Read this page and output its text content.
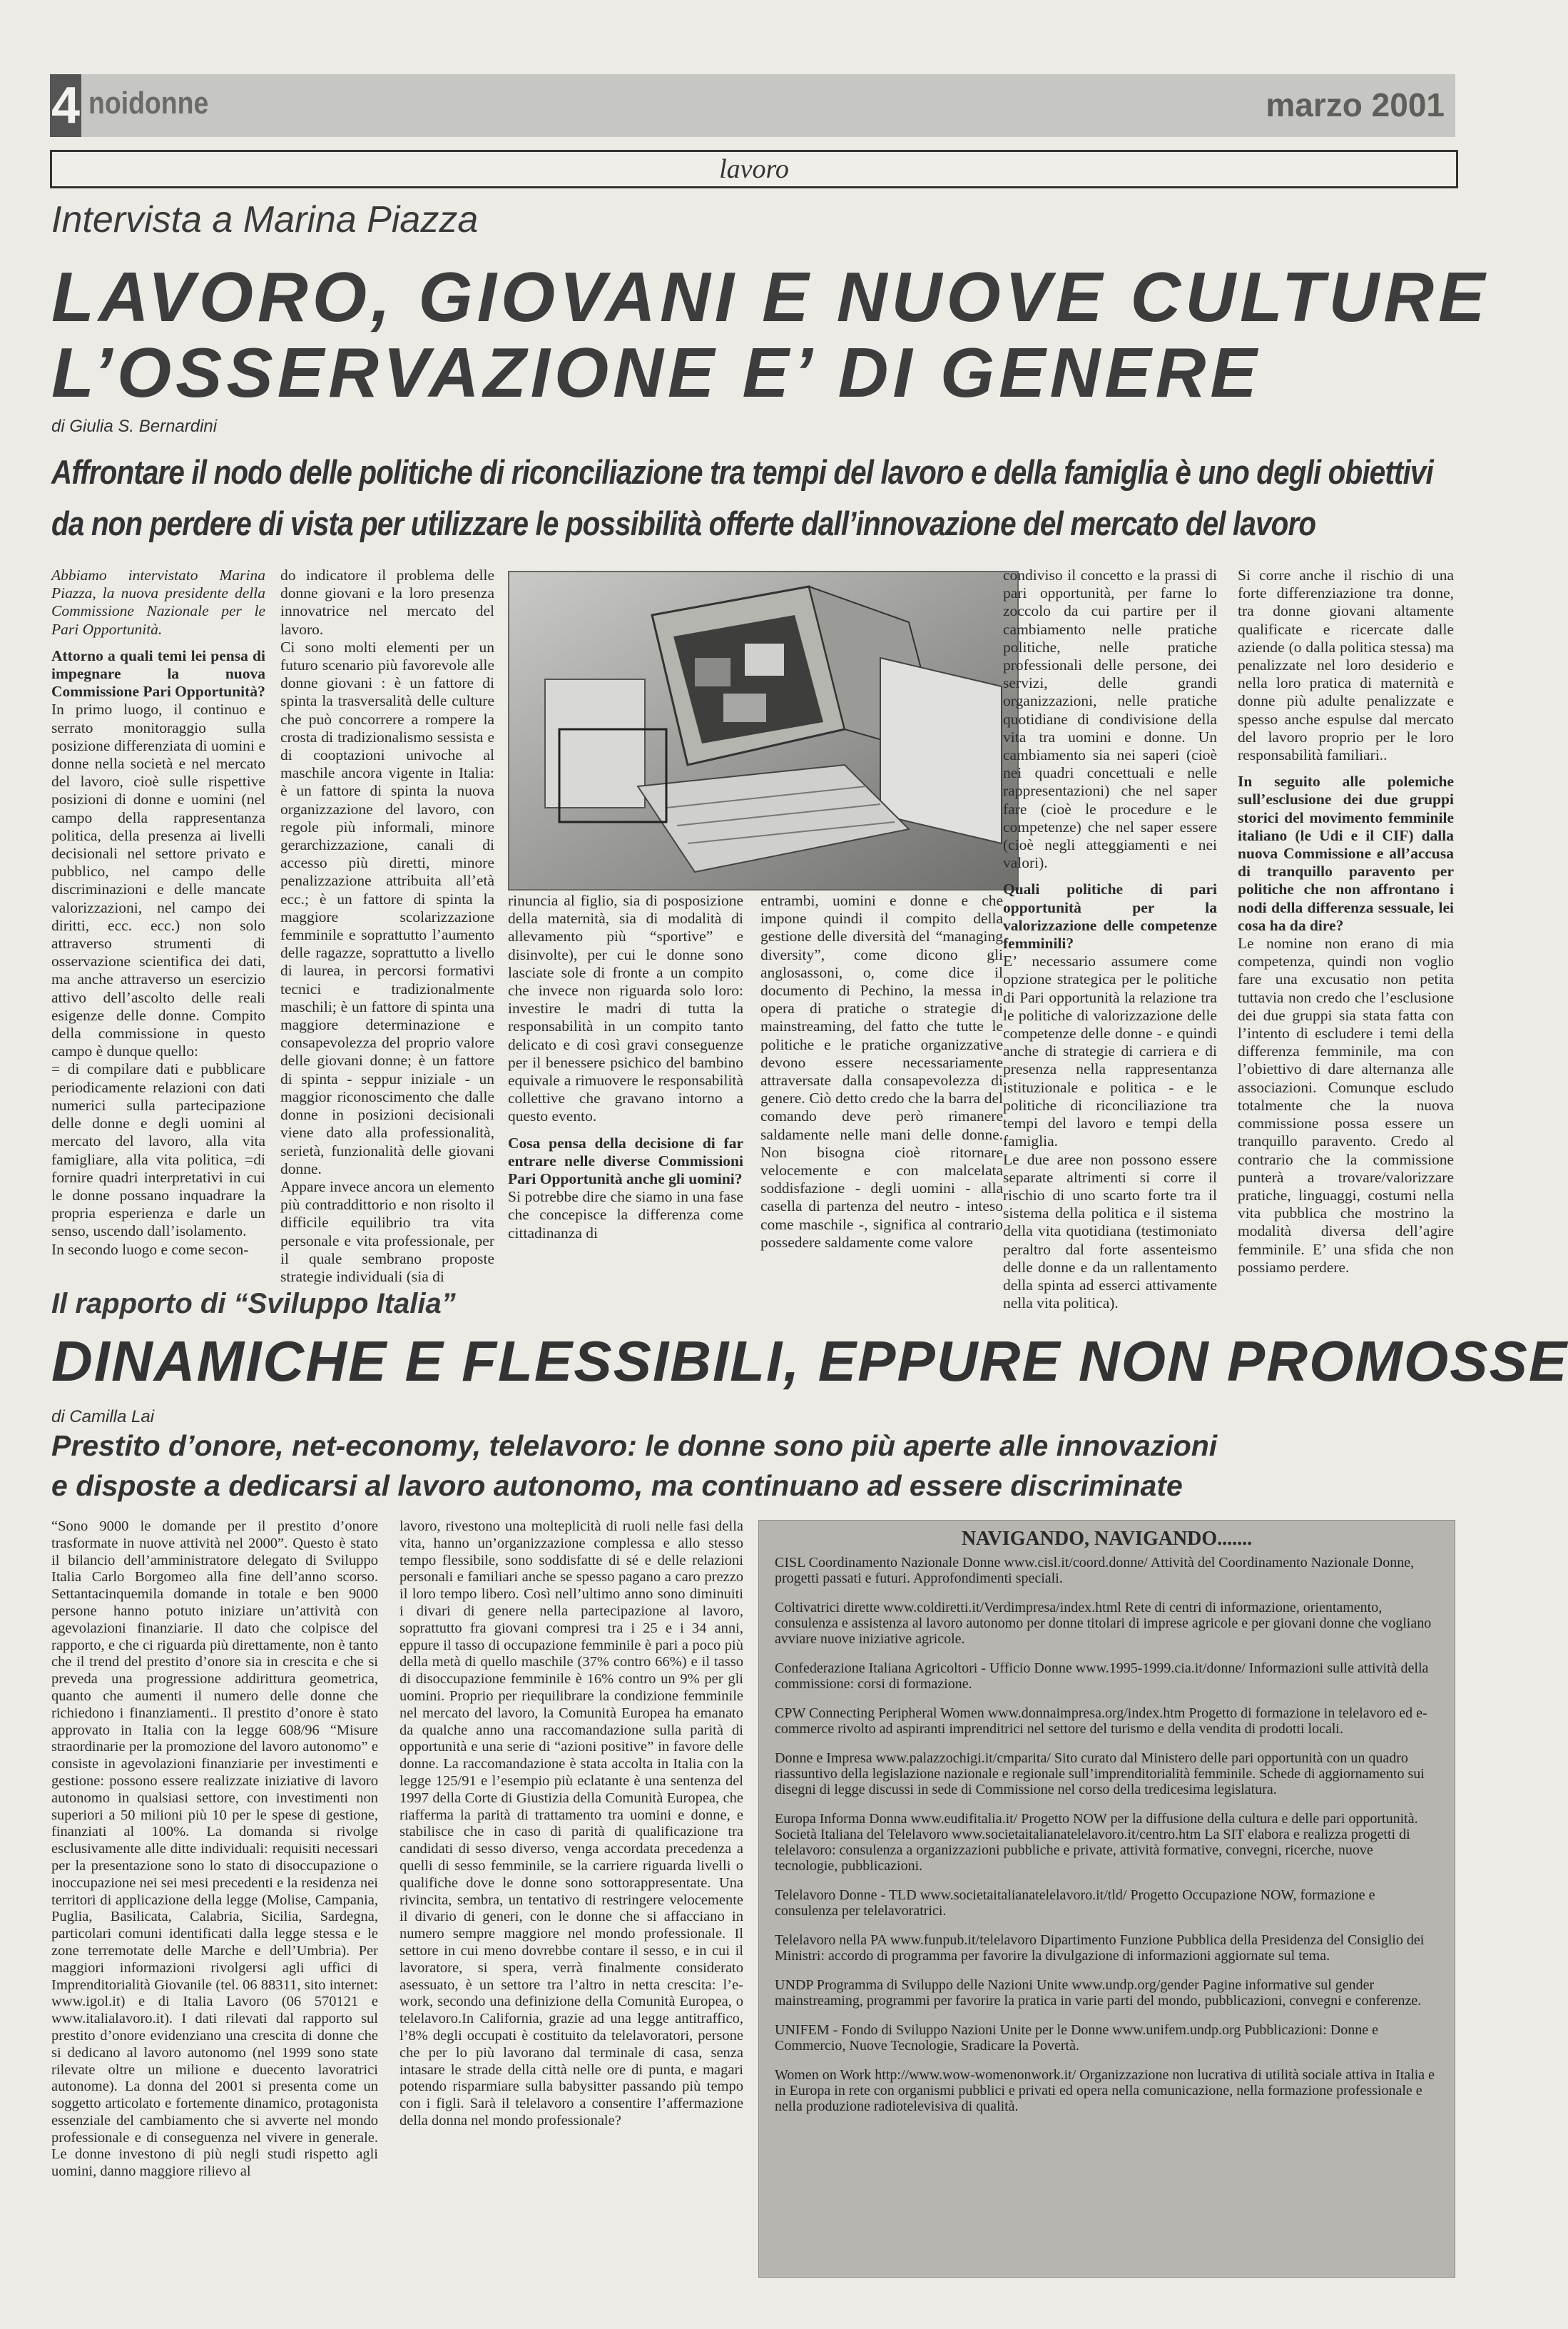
4 noidonne	marzo 2001
lavoro
Intervista a Marina Piazza
LAVORO, GIOVANI E NUOVE CULTURE
L’OSSERVAZIONE E’ DI GENERE
di Giulia S. Bernardini
Affrontare il nodo delle politiche di riconciliazione tra tempi del lavoro e della famiglia è uno degli obiettivi
da non perdere di vista per utilizzare le possibilità offerte dall’innovazione del mercato del lavoro

Abbiamo intervistato Marina Piazza, la nuova presidente della Commissione Nazionale per le Pari Opportunità.

Attorno a quali temi lei pensa di impegnare la nuova Commissione Pari Opportunità?

In primo luogo, il continuo e serrato monitoraggio sulla posizione differenziata di uomini e donne nella società e nel mercato del lavoro, cioè sulle rispettive posizioni di donne e uomini (nel campo della rappresentanza politica, della presenza ai livelli decisionali nel settore privato e pubblico, nel campo delle discriminazioni e delle mancate valorizzazioni, nel campo dei diritti, ecc. ecc.) non solo attraverso strumenti di osservazione scientifica dei dati, ma anche attraverso un esercizio attivo dell’ascolto delle reali esigenze delle donne. Compito della commissione in questo campo è dunque quello:

= di compilare dati e pubblicare periodicamente relazioni con dati numerici sulla partecipazione delle donne e degli uomini al mercato del lavoro, alla vita famigliare, alla vita politica, =di fornire quadri interpretativi in cui le donne possano inquadrare la propria esperienza e darle un senso, uscendo dall’isolamento.

In secondo luogo e come secon-

do indicatore il problema delle donne giovani e la loro presenza innovatrice nel mercato del lavoro.

Ci sono molti elementi per un futuro scenario più favorevole alle donne giovani : è un fattore di spinta la trasversalità delle culture che può concorrere a rompere la crosta di tradizionalismo sessista e di cooptazioni univoche al maschile ancora vigente in Italia: è un fattore di spinta la nuova organizzazione del lavoro, con regole più informali, minore gerarchizzazione, canali di accesso più diretti, minore penalizzazione attribuita all’età ecc.; è un fattore di spinta la maggiore scolarizzazione femminile e soprattutto l’aumento delle ragazze, soprattutto a livello di laurea, in percorsi formativi tecnici e tradizionalmente maschili; è un fattore di spinta una maggiore determinazione e consapevolezza del proprio valore delle giovani donne; è un fattore di spinta - seppur iniziale - un maggior riconoscimento che dalle donne in posizioni decisionali viene dato alla professionalità, serietà, funzionalità delle giovani donne.

Appare invece ancora un elemento più contraddittorio e non risolto il difficile equilibrio tra vita personale e vita professionale, per il quale sembrano proposte strategie individuali (sia di

rinuncia al figlio, sia di posposizione della maternità, sia di modalità di allevamento più “sportive” e disinvolte), per cui le donne sono lasciate sole di fronte a un compito che invece non riguarda solo loro: investire le madri di tutta la responsabilità in un compito tanto delicato e di così gravi conseguenze per il benessere psichico del bambino equivale a rimuovere le responsabilità collettive che gravano intorno a questo evento.

Cosa pensa della decisione di far entrare nelle diverse Commissioni Pari Opportunità anche gli uomini?

Si potrebbe dire che siamo in una fase che concepisce la differenza come cittadinanza di

entrambi, uomini e donne e che impone quindi il compito della gestione delle diversità del “managing diversity”, come dicono gli anglosassoni, o, come dice il documento di Pechino, la messa in opera di pratiche o strategie di mainstreaming, del fatto che tutte le politiche e le pratiche organizzative devono essere necessariamente attraversate dalla consapevolezza di genere. Ciò detto credo che la barra del comando deve però rimanere saldamente nelle mani delle donne. Non bisogna cioè ritornare velocemente e con malcelata soddisfazione - degli uomini - alla casella di partenza del neutro - inteso come maschile -, significa al contrario possedere saldamente come valore

condiviso il concetto e la prassi di pari opportunità, per farne lo zoccolo da cui partire per il cambiamento nelle pratiche politiche, nelle pratiche professionali delle persone, dei servizi, delle grandi organizzazioni, nelle pratiche quotidiane di condivisione della vita tra uomini e donne. Un cambiamento sia nei saperi (cioè nei quadri concettuali e nelle rappresentazioni) che nel saper fare (cioè le procedure e le competenze) che nel saper essere (cioè negli atteggiamenti e nei valori).

Quali politiche di pari opportunità per la valorizzazione delle competenze femminili?

E’ necessario assumere come opzione strategica per le politiche di Pari opportunità la relazione tra le politiche di valorizzazione delle competenze delle donne - e quindi anche di strategie di carriera e di presenza nella rappresentanza istituzionale e politica - e le politiche di riconciliazione tra tempi del lavoro e tempi della famiglia.

Le due aree non possono essere separate altrimenti si corre il rischio di uno scarto forte tra il sistema della politica e il sistema della vita quotidiana (testimoniato peraltro dal forte assenteismo delle donne e da un rallentamento della spinta ad esserci attivamente nella vita politica).

Si corre anche il rischio di una forte differenziazione tra donne, tra donne giovani altamente qualificate e ricercate dalle aziende (o dalla politica stessa) ma penalizzate nel loro desiderio e nella loro pratica di maternità e donne più adulte penalizzate e spesso anche espulse dal mercato del lavoro proprio per le loro responsabilità familiari..

In seguito alle polemiche sull’esclusione dei due gruppi storici del movimento femminile italiano (le Udi e il CIF) dalla nuova Commissione e all’accusa di tranquillo paravento per politiche che non affrontano i nodi della differenza sessuale, lei cosa ha da dire?

Le nomine non erano di mia competenza, quindi non voglio fare una excusatio non petita tuttavia non credo che l’esclusione dei due gruppi sia stata fatta con l’intento di escludere i temi della differenza femminile, ma con l’obiettivo di dare alternanza alle associazioni. Comunque escludo totalmente che la nuova commissione possa essere un tranquillo paravento. Credo al contrario che la commissione punterà a trovare/valorizzare pratiche, linguaggi, costumi nella vita pubblica che mostrino la modalità diversa dell’agire femminile. E’ una sfida che non possiamo perdere.

Il rapporto di “Sviluppo Italia”
DINAMICHE E FLESSIBILI, EPPURE NON PROMOSSE
di Camilla Lai
Prestito d’onore, net-economy, telelavoro: le donne sono più aperte alle innovazioni
e disposte a dedicarsi al lavoro autonomo, ma continuano ad essere discriminate

“Sono 9000 le domande per il prestito d’onore trasformate in nuove attività nel 2000”. Questo è stato il bilancio dell’amministratore delegato di Sviluppo Italia Carlo Borgomeo alla fine dell’anno scorso. Settantacinquemila domande in totale e ben 9000 persone hanno potuto iniziare un’attività con agevolazioni finanziarie. Il dato che colpisce del rapporto, e che ci riguarda più direttamente, non è tanto che il trend del prestito d’onore sia in crescita e che si preveda una progressione addirittura geometrica, quanto che aumenti il numero delle donne che richiedono i finanziamenti.. Il prestito d’onore è stato approvato in Italia con la legge 608/96 “Misure straordinarie per la promozione del lavoro autonomo” e consiste in agevolazioni finanziarie per investimenti e gestione: possono essere realizzate iniziative di lavoro autonomo in qualsiasi settore, con investimenti non superiori a 50 milioni più 10 per le spese di gestione, finanziati al 100%. La domanda si rivolge esclusivamente alle ditte individuali: requisiti necessari per la presentazione sono lo stato di disoccupazione o inoccupazione nei sei mesi precedenti e la residenza nei territori di applicazione della legge (Molise, Campania, Puglia, Basilicata, Calabria, Sicilia, Sardegna, particolari comuni identificati dalla legge stessa e le zone terremotate delle Marche e dell’Umbria). Per maggiori informazioni rivolgersi agli uffici di Imprenditorialità Giovanile (tel. 06 88311, sito internet: www.igol.it) e di Italia Lavoro (06 570121 e www.italialavoro.it). I dati rilevati dal rapporto sul prestito d’onore evidenziano una crescita di donne che si dedicano al lavoro autonomo (nel 1999 sono state rilevate oltre un milione e duecento lavoratrici autonome). La donna del 2001 si presenta come un soggetto articolato e fortemente dinamico, protagonista essenziale del cambiamento che si avverte nel mondo professionale e di conseguenza nel vivere in generale. Le donne investono di più negli studi rispetto agli uomini, danno maggiore rilievo al

lavoro, rivestono una molteplicità di ruoli nelle fasi della vita, hanno un’organizzazione complessa e allo stesso tempo flessibile, sono soddisfatte di sé e delle relazioni personali e familiari anche se spesso pagano a caro prezzo il loro tempo libero. Così nell’ultimo anno sono diminuiti i divari di genere nella partecipazione al lavoro, soprattutto fra giovani compresi tra i 25 e i 34 anni, eppure il tasso di occupazione femminile è pari a poco più della metà di quello maschile (37% contro 66%) e il tasso di disoccupazione femminile è 16% contro un 9% per gli uomini. Proprio per riequilibrare la condizione femminile nel mercato del lavoro, la Comunità Europea ha emanato da qualche anno una raccomandazione sulla parità di opportunità e una serie di “azioni positive” in favore delle donne. La raccomandazione è stata accolta in Italia con la legge 125/91 e l’esempio più eclatante è una sentenza del 1997 della Corte di Giustizia della Comunità Europea, che riafferma la parità di trattamento tra uomini e donne, e stabilisce che in caso di parità di qualificazione tra candidati di sesso diverso, venga accordata precedenza a quelli di sesso femminile, se la carriere riguarda livelli o qualifiche dove le donne sono sottorappresentate. Una rivincita, sembra, un tentativo di restringere velocemente il divario di generi, con le donne che si affacciano in numero sempre maggiore nel mondo professionale. Il settore in cui meno dovrebbe contare il sesso, e in cui il lavoratore, si spera, verrà finalmente considerato asessuato, è un settore tra l’altro in netta crescita: l’e-work, secondo una definizione della Comunità Europea, o telelavoro.In California, grazie ad una legge antitraffico, l’8% degli occupati è costituito da telelavoratori, persone che per lo più lavorano dal terminale di casa, senza intasare le strade della città nelle ore di punta, e magari potendo risparmiare sulla babysitter passando più tempo con i figli. Sarà il telelavoro a consentire l’affermazione della donna nel mondo professionale?

NAVIGANDO, NAVIGANDO.......
CISL Coordinamento Nazionale Donne www.cisl.it/coord.donne/ Attività del Coordinamento Nazionale Donne, progetti passati e futuri. Approfondimenti speciali.
Coltivatrici dirette www.coldiretti.it/Verdimpresa/index.html Rete di centri di informazione, orientamento, consulenza e assistenza al lavoro autonomo per donne titolari di imprese agricole e per giovani donne che vogliano avviare nuove iniziative agricole.
Confederazione Italiana Agricoltori - Ufficio Donne www.1995-1999.cia.it/donne/ Informazioni sulle attività della commissione: corsi di formazione.
CPW Connecting Peripheral Women www.donnaimpresa.org/index.htm Progetto di formazione in telelavoro ed e-commerce rivolto ad aspiranti imprenditrici nel settore del turismo e della vendita di prodotti locali.
Donne e Impresa www.palazzochigi.it/cmparita/ Sito curato dal Ministero delle pari opportunità con un quadro riassuntivo della legislazione nazionale e regionale sull’imprenditorialità femminile. Schede di aggiornamento sui disegni di legge discussi in sede di Commissione nel corso della tredicesima legislatura.
Europa Informa Donna www.eudifitalia.it/ Progetto NOW per la diffusione della cultura e delle pari opportunità. Società Italiana del Telelavoro www.societaitalianatelelavoro.it/centro.htm La SIT elabora e realizza progetti di telelavoro: consulenza a organizzazioni pubbliche e private, attività formative, convegni, ricerche, nuove tecnologie, pubblicazioni.
Telelavoro Donne - TLD www.societaitalianatelelavoro.it/tld/ Progetto Occupazione NOW, formazione e consulenza per telelavoratrici.
Telelavoro nella PA www.funpub.it/telelavoro Dipartimento Funzione Pubblica della Presidenza del Consiglio dei Ministri: accordo di programma per favorire la divulgazione di informazioni aggiornate sul tema.
UNDP Programma di Sviluppo delle Nazioni Unite www.undp.org/gender Pagine informative sul gender mainstreaming, programmi per favorire la pratica in varie parti del mondo, pubblicazioni, convegni e conferenze.
UNIFEM - Fondo di Sviluppo Nazioni Unite per le Donne www.unifem.undp.org Pubblicazioni: Donne e Commercio, Nuove Tecnologie, Sradicare la Povertà.
Women on Work http://www.wow-womenonwork.it/ Organizzazione non lucrativa di utilità sociale attiva in Italia e in Europa in rete con organismi pubblici e privati ed opera nella comunicazione, nella formazione professionale e nella produzione radiotelevisiva di qualità.
